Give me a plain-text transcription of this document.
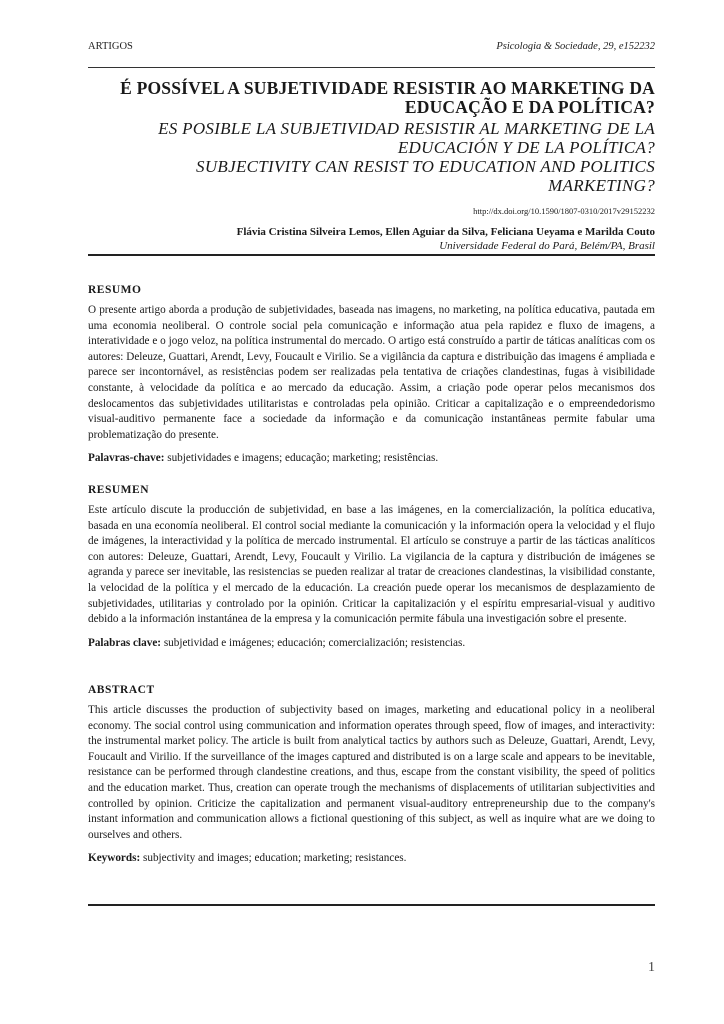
ARTIGOS	Psicologia & Sociedade, 29, e152232

É POSSÍVEL A SUBJETIVIDADE RESISTIR AO MARKETING DA
EDUCAÇÃO E DA POLÍTICA?

ES POSIBLE LA SUBJETIVIDAD RESISTIR AL MARKETING DE LA
EDUCACIÓN Y DE LA POLÍTICA?

SUBJECTIVITY CAN RESIST TO EDUCATION AND POLITICS
MARKETING?

http://dx.doi.org/10.1590/1807-0310/2017v29152232
Flávia Cristina Silveira Lemos, Ellen Aguiar da Silva, Feliciana Ueyama e Marilda Couto
Universidade Federal do Pará, Belém/PA, Brasil
RESUMO

O presente artigo aborda a produção de subjetividades, baseada nas imagens, no marketing, na política educativa, pautada em uma economia neoliberal. O controle social pela comunicação e informação atua pela rapidez e fluxo de imagens, a interatividade e o jogo veloz, na política instrumental do mercado. O artigo está construído a partir de táticas analíticas com os autores: Deleuze, Guattari, Arendt, Levy, Foucault e Virilio. Se a vigilância da captura e distribuição das imagens é ampliada e parece ser incontornável, as resistências podem ser realizadas pela tentativa de criações clandestinas, fugas à visibilidade constante, à velocidade da política e ao mercado da educação. Assim, a criação pode operar pelos mecanismos dos deslocamentos das subjetividades utilitaristas e controladas pela opinião. Criticar a capitalização e o empreendedorismo visual-auditivo permanente face a sociedade da informação e da comunicação instantâneas permite fabular uma problematização do presente.

Palavras-chave: subjetividades e imagens; educação; marketing; resistências.
RESUMEN

Este artículo discute la producción de subjetividad, en base a las imágenes, en la comercialización, la política educativa, basada en una economía neoliberal. El control social mediante la comunicación y la información opera la velocidad y el flujo de imágenes, la interactividad y la política de mercado instrumental. El artículo se construye a partir de las tácticas analíticos con autores: Deleuze, Guattari, Arendt, Levy, Foucault y Virilio. La vigilancia de la captura y distribución de imágenes se agranda y parece ser inevitable, las resistencias se pueden realizar al tratar de creaciones clandestinas, la visibilidad constante, la velocidad de la política y el mercado de la educación. La creación puede operar los mecanismos de desplazamiento de subjetividades, utilitarias y controlado por la opinión. Criticar la capitalización y el espíritu empresarial-visual y auditivo debido a la información instantánea de la empresa y la comunicación permite fábula una investigación sobre el presente.

Palabras clave: subjetividad e imágenes; educación; comercialización; resistencias.
ABSTRACT

This article discusses the production of subjectivity based on images, marketing and educational policy in a neoliberal economy. The social control using communication and information operates through speed, flow of images, and interactivity: the instrumental market policy. The article is built from analytical tactics by authors such as Deleuze, Guattari, Arendt, Levy, Foucault and Virilio. If the surveillance of the images captured and distributed is on a large scale and appears to be inevitable, resistance can be performed through clandestine creations, and thus, escape from the constant visibility, the speed of politics and the education market. Thus, creation can operate trough the mechanisms of displacements of utilitarian subjectivities and controlled by opinion. Criticize the capitalization and permanent visual-auditory entrepreneurship due to the company's instant information and communication allows a fictional questioning of this subject, as well as inquire what are we doing to ourselves and others.

Keywords: subjectivity and images; education; marketing; resistances.
1
